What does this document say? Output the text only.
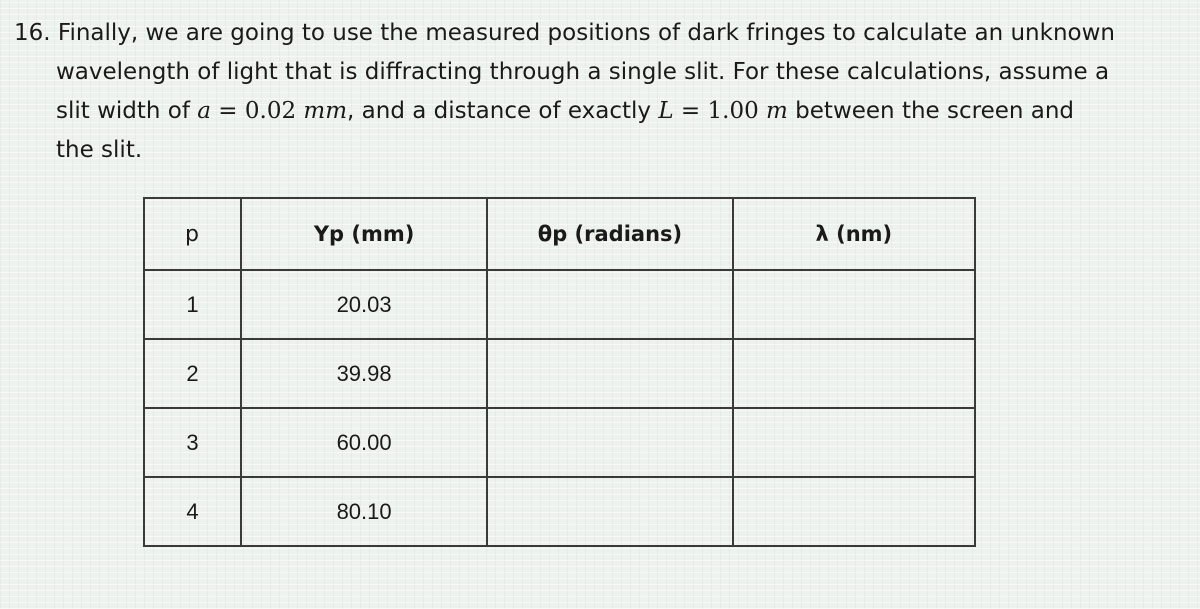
16. Finally, we are going to use the measured positions of dark fringes to calculate an unknown
wavelength of light that is diffracting through a single slit. For these calculations, assume a
slit width of a = 0.02 mm, and a distance of exactly L = 1.00 m between the screen and
the slit.
p	Yp (mm)	θp (radians)	λ (nm)
1	20.03		
2	39.98		
3	60.00		
4	80.10		
